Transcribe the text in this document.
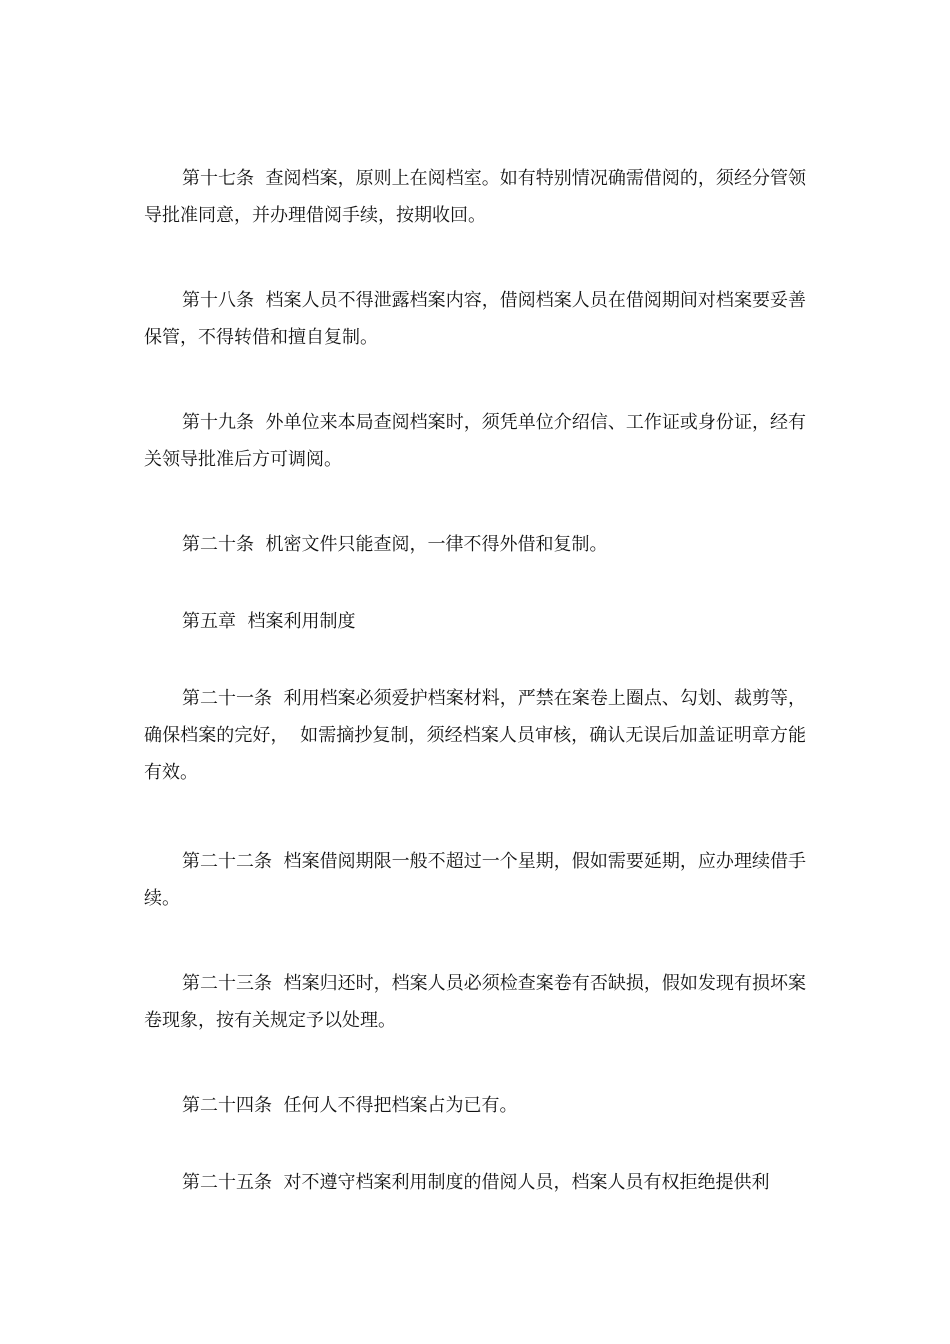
第十七条  查阅档案，原则上在阅档室。如有特别情况确需借阅的，须经分管领导批准同意，并办理借阅手续，按期收回。

第十八条  档案人员不得泄露档案内容，借阅档案人员在借阅期间对档案要妥善保管，不得转借和擅自复制。

第十九条  外单位来本局查阅档案时，须凭单位介绍信、工作证或身份证，经有关领导批准后方可调阅。

第二十条  机密文件只能查阅，一律不得外借和复制。

第五章  档案利用制度

第二十一条  利用档案必须爱护档案材料，严禁在案卷上圈点、勾划、裁剪等，确保档案的完好，  如需摘抄复制，须经档案人员审核，确认无误后加盖证明章方能有效。

第二十二条  档案借阅期限一般不超过一个星期，假如需要延期，应办理续借手续。

第二十三条  档案归还时，档案人员必须检查案卷有否缺损，假如发现有损坏案卷现象，按有关规定予以处理。

第二十四条  任何人不得把档案占为已有。

第二十五条  对不遵守档案利用制度的借阅人员，档案人员有权拒绝提供利
